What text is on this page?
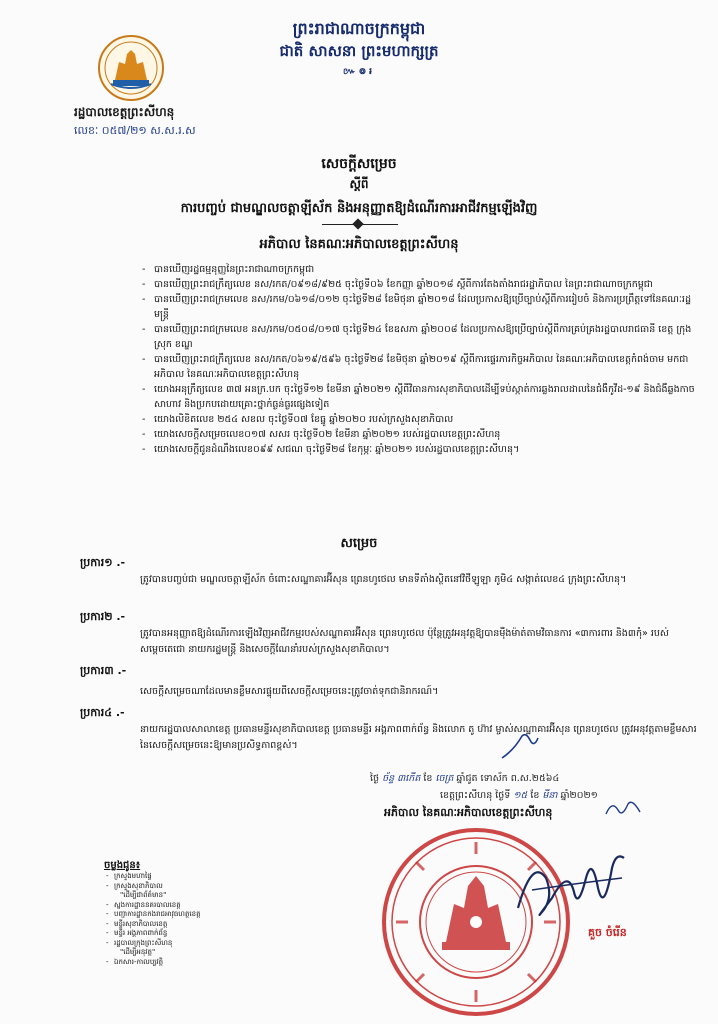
ព្រះរាជាណាចក្រកម្ពុជា
ជាតិ សាសនា ព្រះមហាក្សត្រ
៚៙៛
រដ្ឋបាលខេត្តព្រះសីហនុ
លេខៈ ០៥៧/២១ ស.ស.រ.ស
សេចក្ដីសម្រេច
ស្ដីពី
ការបញ្ចប់ ជាមណ្ឌលចត្តាឡីស័ក និងអនុញ្ញាតឱ្យដំណើរការអាជីវកម្មឡើងវិញ
អភិបាល នៃគណៈអភិបាលខេត្តព្រះសីហនុ
- បានឃើញរដ្ឋធម្មនុញ្ញនៃព្រះរាជាណាចក្រកម្ពុជា
- បានឃើញព្រះរាជក្រឹត្យលេខ នស/រកត/០៩១៨/៩២៥ ចុះថ្ងៃទី០៦ ខែកញ្ញា ឆ្នាំ២០១៨ ស្ដីពីការតែងតាំងរាជរដ្ឋាភិបាល នៃព្រះរាជាណាចក្រកម្ពុជា
- បានឃើញព្រះរាជក្រមលេខ នស/រកម/០៦១៨/០១២ ចុះថ្ងៃទី២៨ ខែមិថុនា ឆ្នាំ២០១៨ ដែលប្រកាសឱ្យប្រើច្បាប់ស្ដីពីការរៀបចំ និងការប្រព្រឹត្តទៅនៃគណៈរដ្ឋមន្ត្រី
- បានឃើញព្រះរាជក្រមលេខ នស/រកម/០៥០៨/០១៧ ចុះថ្ងៃទី២៤ ខែឧសភា ឆ្នាំ២០០៨ ដែលប្រកាសឱ្យប្រើច្បាប់ស្ដីពីការគ្រប់គ្រងរដ្ឋបាលរាជធានី ខេត្ត ក្រុង ស្រុក ខណ្ឌ
- បានឃើញព្រះរាជក្រឹត្យលេខ នស/រកត/០៦១៩/៥៩៦ ចុះថ្ងៃទី២៨ ខែមិថុនា ឆ្នាំ២០១៩ ស្ដីពីការផ្ទេរភារកិច្ចអភិបាល នៃគណៈអភិបាលខេត្តកំពង់ចាម មកជាអភិបាល នៃគណៈអភិបាលខេត្តព្រះសីហនុ
- យោងអនុក្រឹត្យលេខ ៣៧ អនក្រ.បក ចុះថ្ងៃទី១២ ខែមីនា ឆ្នាំ២០២១ ស្ដីពីវិធានការសុខាភិបាលដើម្បីទប់ស្កាត់ការឆ្លងរាលដាលនៃជំងឺកូវីដ-១៩ និងជំងឺឆ្លងកាចសាហាវ និងប្រកបដោយគ្រោះថ្នាក់ធ្ងន់ធ្ងរផ្សេងទៀត
- យោងលិខិតលេខ ២៥៤ សខល ចុះថ្ងៃទី០៧ ខែធ្នូ ឆ្នាំ២០២០ របស់ក្រសួងសុខាភិបាល
- យោងសេចក្ដីសម្រេចលេខ០១៧ សសរ ចុះថ្ងៃទី០២ ខែមីនា ឆ្នាំ២០២១ របស់រដ្ឋបាលខេត្តព្រះសីហនុ
- យោងសេចក្ដីជូនដំណឹងលេខ០៩៩ សជណ ចុះថ្ងៃទី២៨ ខែកុម្ភៈ ឆ្នាំ២០២១ របស់រដ្ឋបាលខេត្តព្រះសីហនុ។
សម្រេច
ប្រការ១ .-
ត្រូវបានបញ្ចប់ជា មណ្ឌលចត្តាឡីស័ក ចំពោះសណ្ឋាគារអ៊ីសុន ព្រេនហូថេល មានទីតាំងស្ថិតនៅវិថីឡូឡា ភូមិ៤ សង្កាត់លេខ៤ ក្រុងព្រះសីហនុ។
ប្រការ២ .-
ត្រូវបានអនុញ្ញាតឱ្យដំណើរការឡើងវិញអាជីវកម្មរបស់សណ្ឋាគារអ៊ីសុន ព្រេនហូថេល ប៉ុន្តែត្រូវអនុវត្តឱ្យបានម៉ឺងម៉ាត់តាមវិធានការ «៣ការពារ និង៣កុំ» របស់ សម្ដេចតេជោ នាយករដ្ឋមន្ត្រី និងសេចក្ដីណែនាំរបស់ក្រសួងសុខាភិបាល។
ប្រការ៣ .-
សេចក្ដីសម្រេចណាដែលមានខ្លឹមសារផ្ទុយពីសេចក្ដីសម្រេចនេះត្រូវចាត់ទុកជានិរាករណ៍។
ប្រការ៤ .-
នាយករដ្ឋបាលសាលាខេត្ត ប្រធានមន្ទីរសុខាភិបាលខេត្ត ប្រធានមន្ទីរ អង្គភាពពាក់ព័ន្ធ និងលោក តូ ហ៊ាវ ម្ចាស់សណ្ឋាគារអ៊ីសុន ព្រេនហូថេល ត្រូវអនុវត្តតាមខ្លឹមសារនៃសេចក្ដីសម្រេចនេះឱ្យមានប្រសិទ្ធភាពខ្ពស់។
ថ្ងៃ ច័ន្ទ ៣កើត ខែ ចេត្រ ឆ្នាំជូត ទោស័ក ព.ស.២៥៦៤
ខេត្តព្រះសីហនុ ថ្ងៃទី ១៥ ខែ មីនា ឆ្នាំ២០២១
អភិបាល នៃគណៈអភិបាលខេត្តព្រះសីហនុ
ចម្លងជូន៖
- ក្រសួងមហាផ្ទៃ
- ក្រសួងសុខាភិបាល
"ដើម្បីជាព័ត៌មាន"
- ស្នងការដ្ឋាននគរបាលខេត្ត
- បញ្ជាការដ្ឋានកងរាជអាវុធហត្ថខេត្ត
- មន្ទីរសុខាភិបាលខេត្ត
- មន្ទីរ អង្គភាពពាក់ព័ន្ធ
- រដ្ឋបាលក្រុងព្រះសីហនុ
"ដើម្បីអនុវត្ត"
- ឯកសារ-កាលប្បវត្តិ
គួច ចំរើន
